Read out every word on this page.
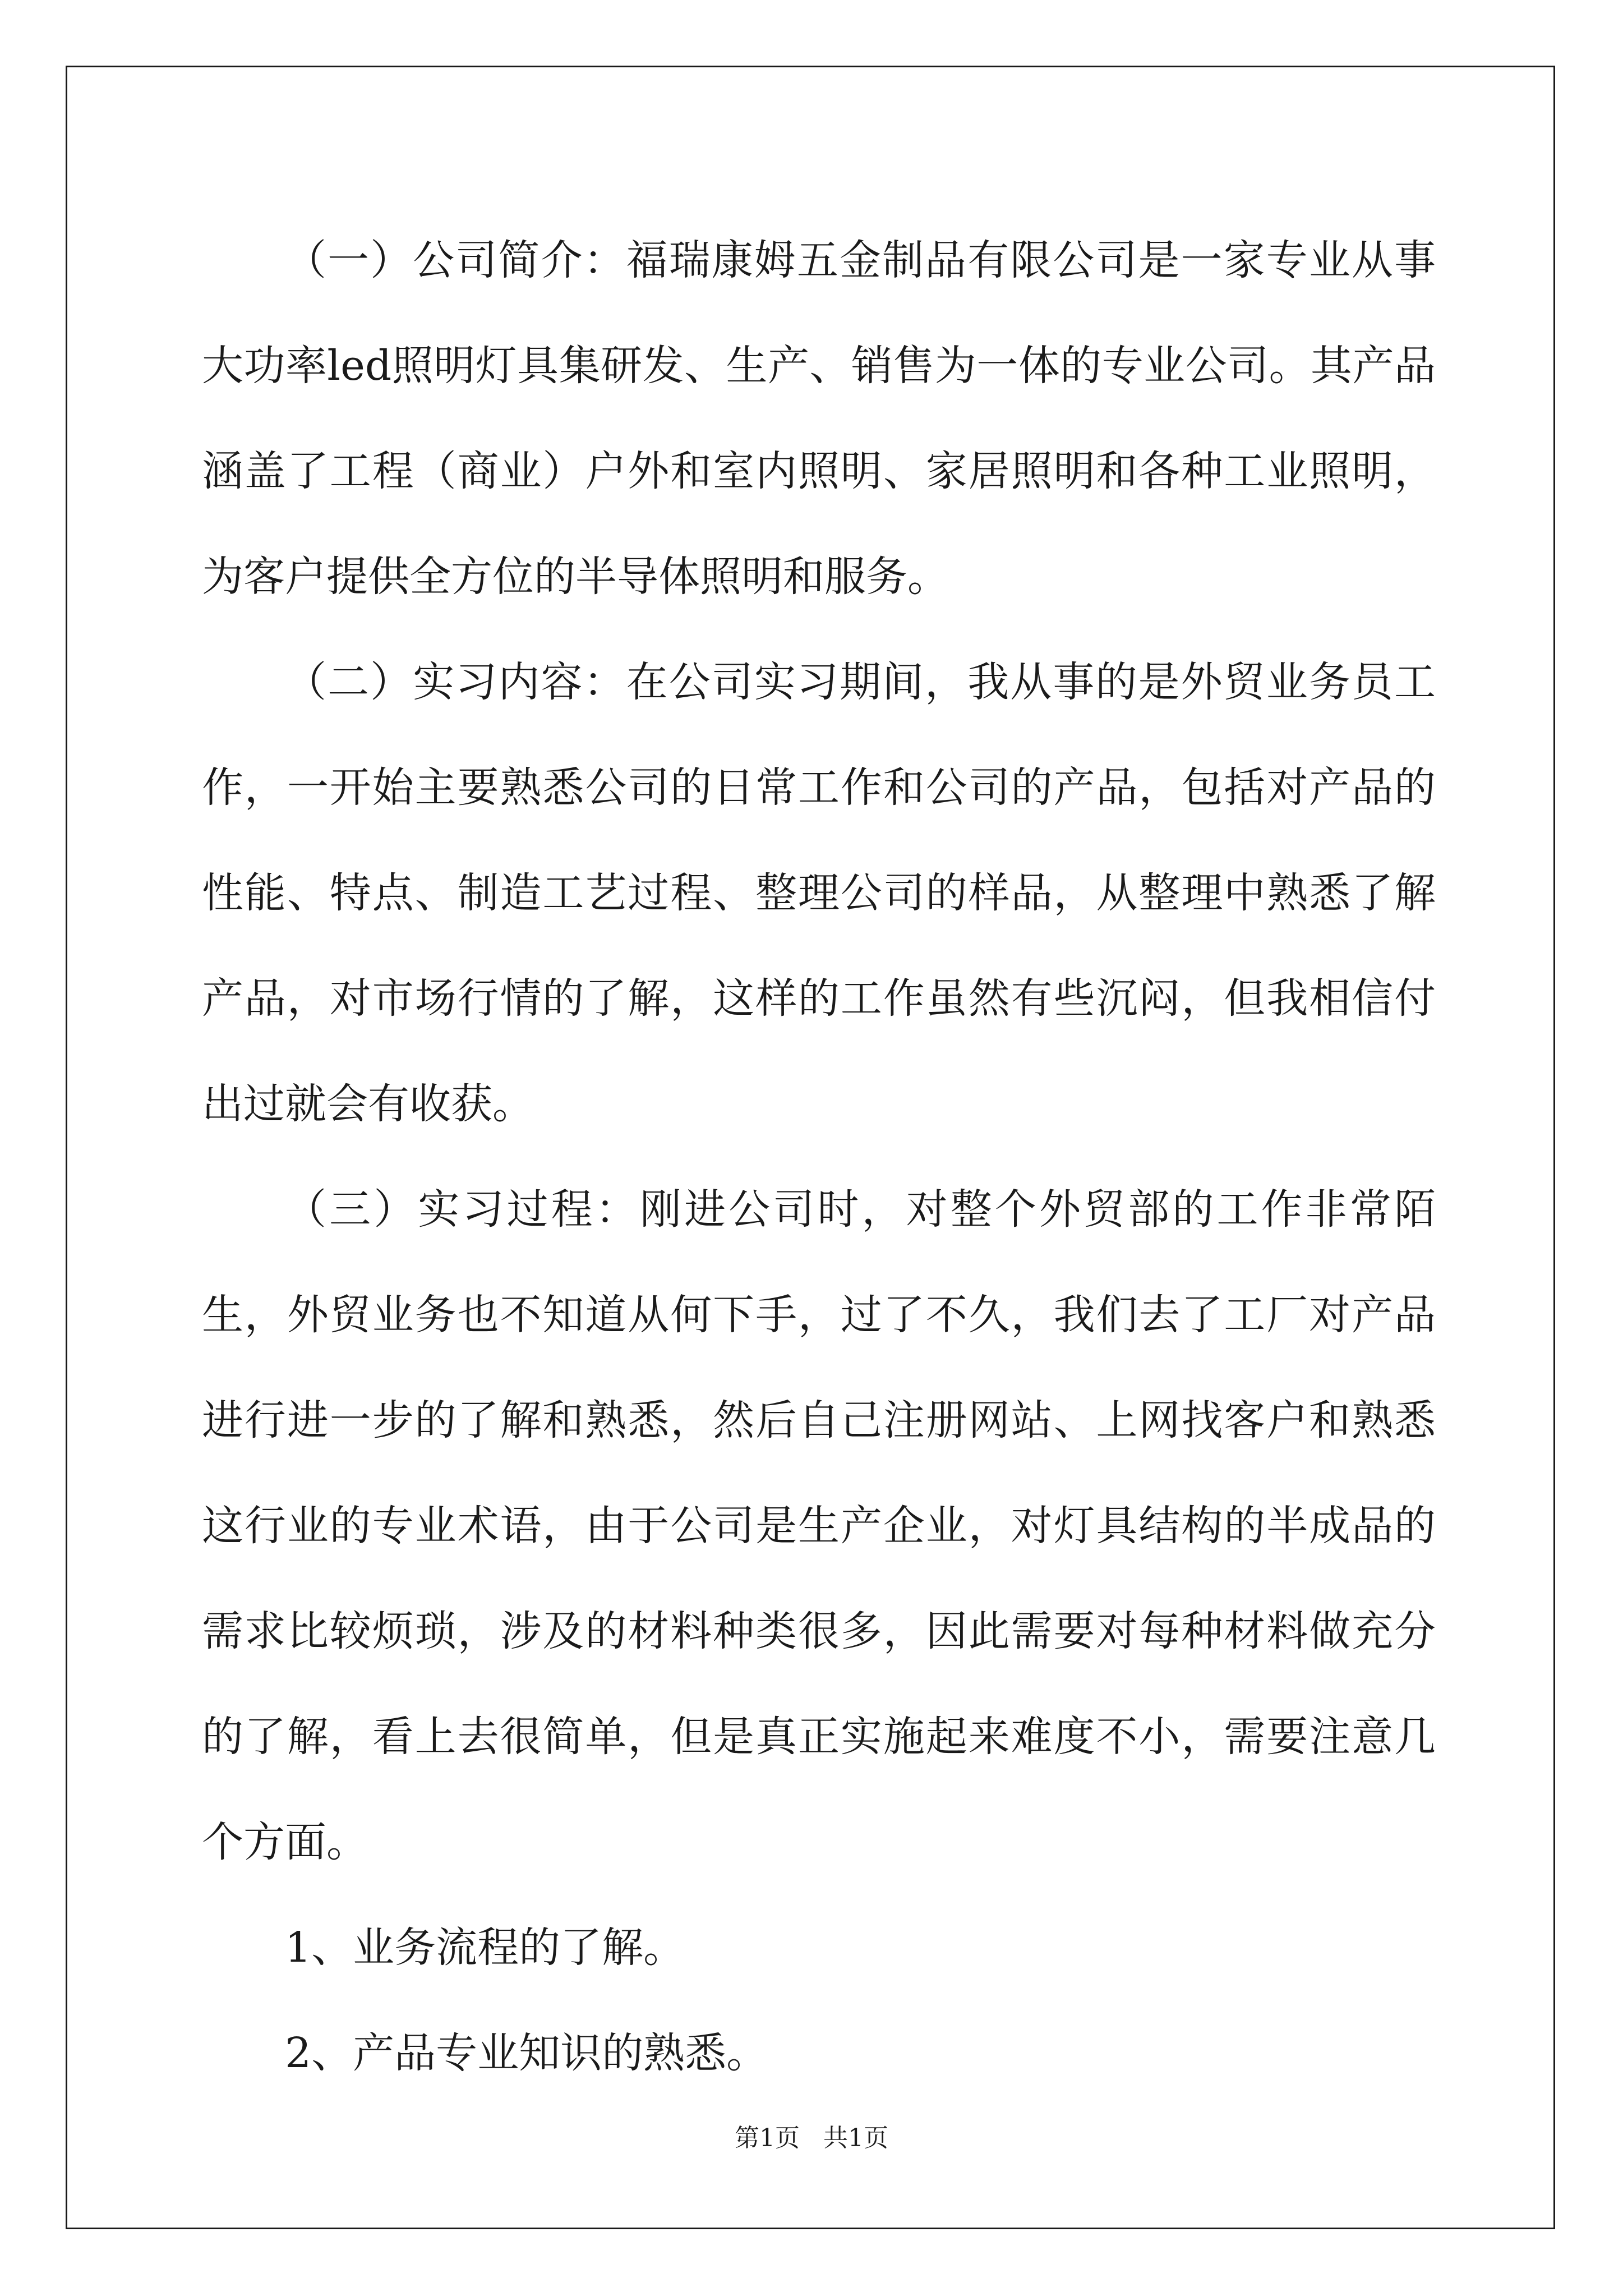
（一）公司简介：福瑞康姆五金制品有限公司是一家专业从事大功率led照明灯具集研发、生产、销售为一体的专业公司。其产品涵盖了工程（商业）户外和室内照明、家居照明和各种工业照明，为客户提供全方位的半导体照明和服务。

（二）实习内容：在公司实习期间，我从事的是外贸业务员工作，一开始主要熟悉公司的日常工作和公司的产品，包括对产品的性能、特点、制造工艺过程、整理公司的样品，从整理中熟悉了解产品，对市场行情的了解，这样的工作虽然有些沉闷，但我相信付出过就会有收获。

（三）实习过程：刚进公司时，对整个外贸部的工作非常陌生，外贸业务也不知道从何下手，过了不久，我们去了工厂对产品进行进一步的了解和熟悉，然后自己注册网站、上网找客户和熟悉这行业的专业术语，由于公司是生产企业，对灯具结构的半成品的需求比较烦琐，涉及的材料种类很多，因此需要对每种材料做充分的了解，看上去很简单，但是真正实施起来难度不小，需要注意几个方面。

1、业务流程的了解。

2、产品专业知识的熟悉。

第1页 共1页
